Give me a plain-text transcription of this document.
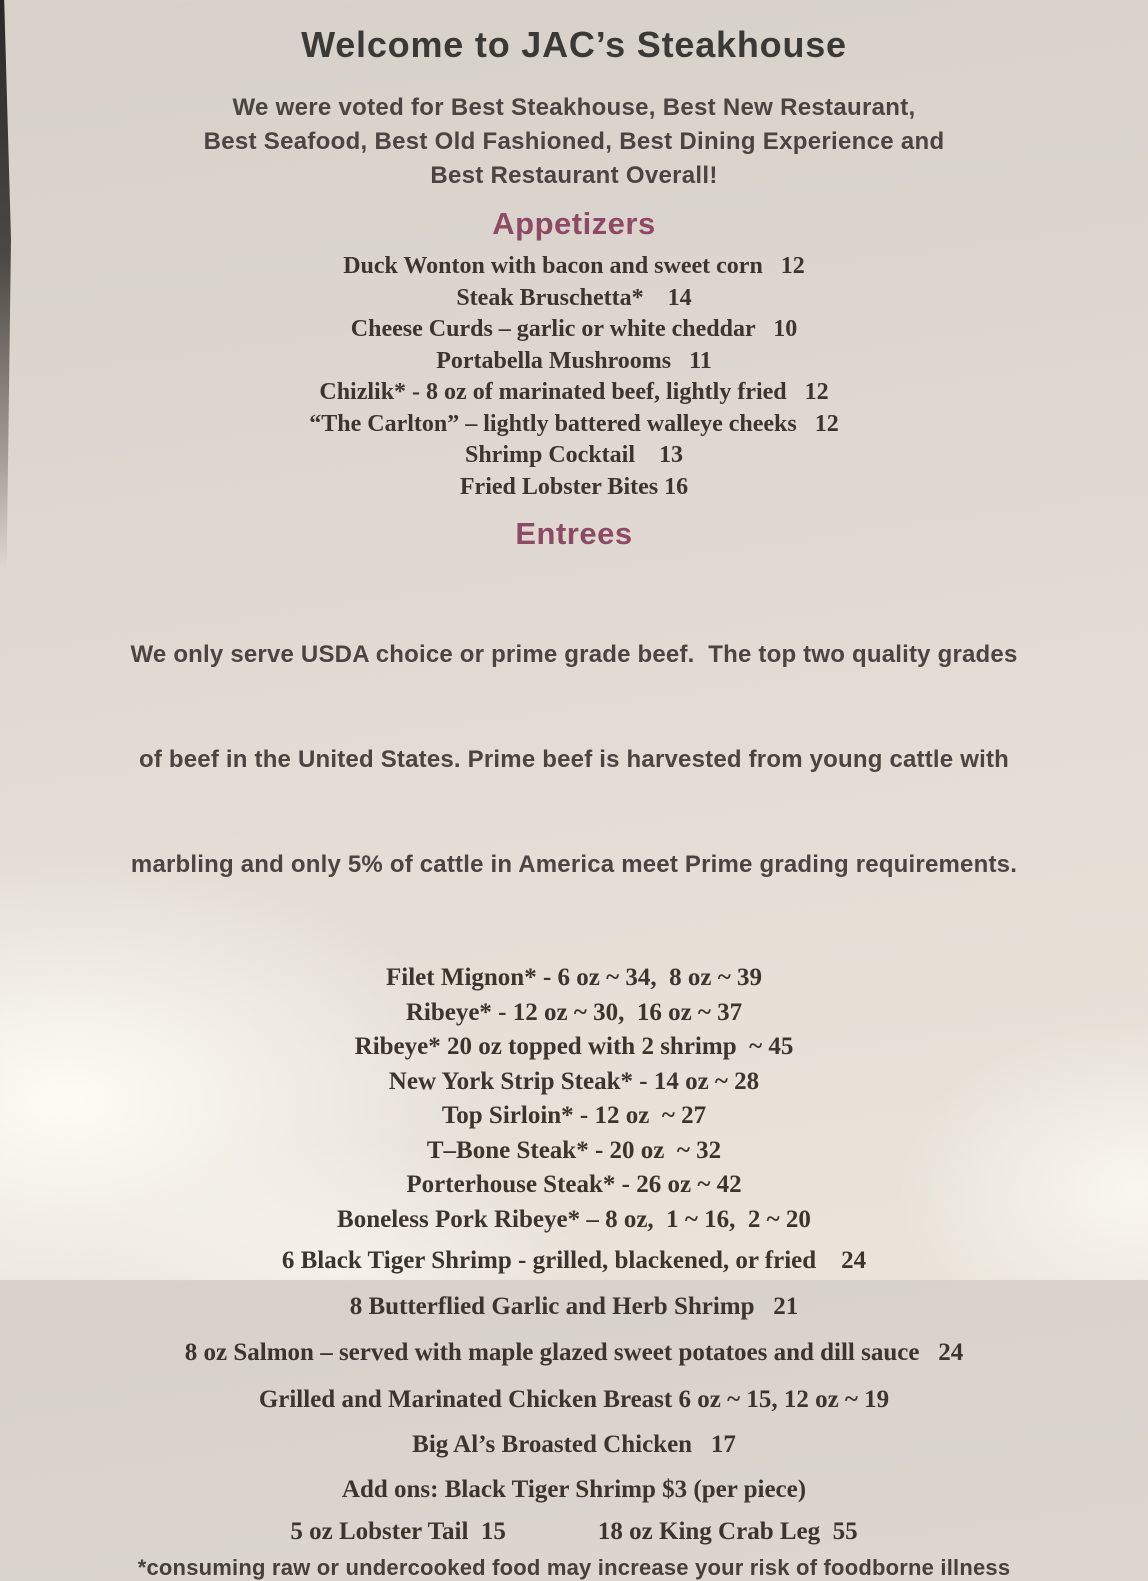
Welcome to JAC’s Steakhouse
We were voted for Best Steakhouse, Best New Restaurant,
Best Seafood, Best Old Fashioned, Best Dining Experience and
Best Restaurant Overall!
Appetizers
Duck Wonton with bacon and sweet corn   12
Steak Bruschetta*    14
Cheese Curds – garlic or white cheddar   10
Portabella Mushrooms   11
Chizlik* - 8 oz of marinated beef, lightly fried   12
“The Carlton” – lightly battered walleye cheeks   12
Shrimp Cocktail    13
Fried Lobster Bites 16
Entrees

We only serve USDA choice or prime grade beef.  The top two quality grades

of beef in the United States. Prime beef is harvested from young cattle with

marbling and only 5% of cattle in America meet Prime grading requirements.

Filet Mignon* - 6 oz ~ 34,  8 oz ~ 39
Ribeye* - 12 oz ~ 30,  16 oz ~ 37
Ribeye* 20 oz topped with 2 shrimp  ~ 45
New York Strip Steak* - 14 oz ~ 28
Top Sirloin* - 12 oz  ~ 27
T–Bone Steak* - 20 oz  ~ 32
Porterhouse Steak* - 26 oz ~ 42
Boneless Pork Ribeye* – 8 oz,  1 ~ 16,  2 ~ 20
6 Black Tiger Shrimp - grilled, blackened, or fried    24
8 Butterflied Garlic and Herb Shrimp   21
8 oz Salmon – served with maple glazed sweet potatoes and dill sauce   24
Grilled and Marinated Chicken Breast 6 oz ~ 15, 12 oz ~ 19
Big Al’s Broasted Chicken   17
Add ons: Black Tiger Shrimp $3 (per piece)
5 oz Lobster Tail  15	18 oz King Crab Leg  55
*consuming raw or undercooked food may increase your risk of foodborne illness
